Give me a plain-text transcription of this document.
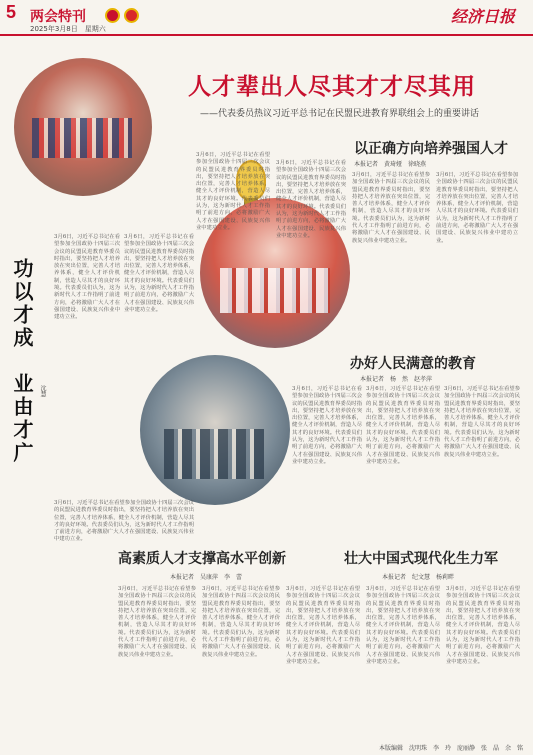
5 两会特刊
2025年3月8日　星期六
经济日报
人才辈出人尽其才才尽其用
——代表委员热议习近平总书记在民盟民进教育界联组会上的重要讲话
以正确方向培养强国人才
本报记者　黄琦娅　徐晓燕
办好人民满意的教育
本报记者　杨　然　赵孝萍
高素质人才支撑高水平创新
本报记者　吴康萍　李　蕾
壮大中国式现代化生力军
本报记者　纪文慧　杨莉畔
功以才成　业由才广 沈慧
3月6日，习近平总书记在看望参加全国政协十四届三次会议的民盟民进教育界委员时指出，要坚持把人才培养放在突出位置，完善人才培养体系，健全人才评价机制，营造人尽其才的良好环境。代表委员们认为，这为新时代人才工作指明了前进方向，必将激励广大人才在强国建设、民族复兴伟业中建功立业。
3月6日，习近平总书记在看望参加全国政协十四届三次会议的民盟民进教育界委员时指出，要坚持把人才培养放在突出位置，完善人才培养体系，健全人才评价机制，营造人尽其才的良好环境。代表委员们认为，这为新时代人才工作指明了前进方向，必将激励广大人才在强国建设、民族复兴伟业中建功立业。
3月6日，习近平总书记在看望参加全国政协十四届三次会议的民盟民进教育界委员时指出，要坚持把人才培养放在突出位置，完善人才培养体系，健全人才评价机制，营造人尽其才的良好环境。代表委员们认为，这为新时代人才工作指明了前进方向，必将激励广大人才在强国建设、民族复兴伟业中建功立业。
3月6日，习近平总书记在看望参加全国政协十四届三次会议的民盟民进教育界委员时指出，要坚持把人才培养放在突出位置，完善人才培养体系，健全人才评价机制，营造人尽其才的良好环境。代表委员们认为，这为新时代人才工作指明了前进方向，必将激励广大人才在强国建设、民族复兴伟业中建功立业。
3月6日，习近平总书记在看望参加全国政协十四届三次会议的民盟民进教育界委员时指出，要坚持把人才培养放在突出位置，完善人才培养体系，健全人才评价机制，营造人尽其才的良好环境。代表委员们认为，这为新时代人才工作指明了前进方向，必将激励广大人才在强国建设、民族复兴伟业中建功立业。
3月6日，习近平总书记在看望参加全国政协十四届三次会议的民盟民进教育界委员时指出，要坚持把人才培养放在突出位置，完善人才培养体系，健全人才评价机制，营造人尽其才的良好环境。代表委员们认为，这为新时代人才工作指明了前进方向，必将激励广大人才在强国建设、民族复兴伟业中建功立业。
3月6日，习近平总书记在看望参加全国政协十四届三次会议的民盟民进教育界委员时指出，要坚持把人才培养放在突出位置，完善人才培养体系，健全人才评价机制，营造人尽其才的良好环境。代表委员们认为，这为新时代人才工作指明了前进方向，必将激励广大人才在强国建设、民族复兴伟业中建功立业。
3月6日，习近平总书记在看望参加全国政协十四届三次会议的民盟民进教育界委员时指出，要坚持把人才培养放在突出位置，完善人才培养体系，健全人才评价机制，营造人尽其才的良好环境。代表委员们认为，这为新时代人才工作指明了前进方向，必将激励广大人才在强国建设、民族复兴伟业中建功立业。
3月6日，习近平总书记在看望参加全国政协十四届三次会议的民盟民进教育界委员时指出，要坚持把人才培养放在突出位置，完善人才培养体系，健全人才评价机制，营造人尽其才的良好环境。代表委员们认为，这为新时代人才工作指明了前进方向，必将激励广大人才在强国建设、民族复兴伟业中建功立业。
3月6日，习近平总书记在看望参加全国政协十四届三次会议的民盟民进教育界委员时指出，要坚持把人才培养放在突出位置，完善人才培养体系，健全人才评价机制，营造人尽其才的良好环境。代表委员们认为，这为新时代人才工作指明了前进方向，必将激励广大人才在强国建设、民族复兴伟业中建功立业。
3月6日，习近平总书记在看望参加全国政协十四届三次会议的民盟民进教育界委员时指出，要坚持把人才培养放在突出位置，完善人才培养体系，健全人才评价机制，营造人尽其才的良好环境。代表委员们认为，这为新时代人才工作指明了前进方向，必将激励广大人才在强国建设、民族复兴伟业中建功立业。
3月6日，习近平总书记在看望参加全国政协十四届三次会议的民盟民进教育界委员时指出，要坚持把人才培养放在突出位置，完善人才培养体系，健全人才评价机制，营造人尽其才的良好环境。代表委员们认为，这为新时代人才工作指明了前进方向，必将激励广大人才在强国建设、民族复兴伟业中建功立业。
3月6日，习近平总书记在看望参加全国政协十四届三次会议的民盟民进教育界委员时指出，要坚持把人才培养放在突出位置，完善人才培养体系，健全人才评价机制，营造人尽其才的良好环境。代表委员们认为，这为新时代人才工作指明了前进方向，必将激励广大人才在强国建设、民族复兴伟业中建功立业。
3月6日，习近平总书记在看望参加全国政协十四届三次会议的民盟民进教育界委员时指出，要坚持把人才培养放在突出位置，完善人才培养体系，健全人才评价机制，营造人尽其才的良好环境。代表委员们认为，这为新时代人才工作指明了前进方向，必将激励广大人才在强国建设、民族复兴伟业中建功立业。
3月6日，习近平总书记在看望参加全国政协十四届三次会议的民盟民进教育界委员时指出，要坚持把人才培养放在突出位置，完善人才培养体系，健全人才评价机制，营造人尽其才的良好环境。代表委员们认为，这为新时代人才工作指明了前进方向，必将激励广大人才在强国建设、民族复兴伟业中建功立业。
本版编辑　沈明珠　李　玲　庞丽静　张　晶　余　铭
